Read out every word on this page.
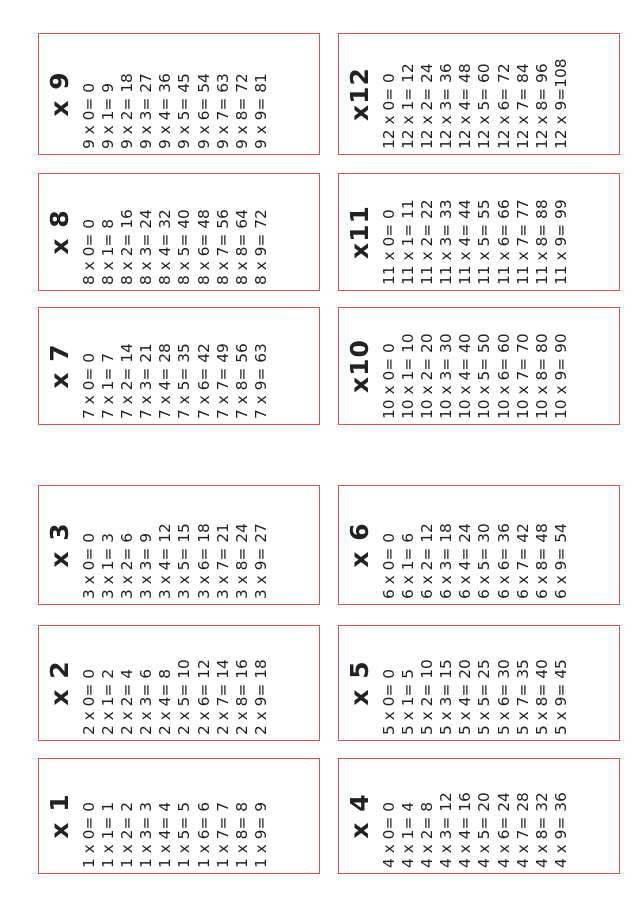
x 1 1 x 0= 0 1 x 1= 1 1 x 2= 2 1 x 3= 3 1 x 4= 4 1 x 5= 5 1 x 6= 6 1 x 7= 7 1 x 8= 8 1 x 9= 9
x 2 2 x 0= 0 2 x 1= 2 2 x 2= 4 2 x 3= 6 2 x 4= 8 2 x 5= 10 2 x 6= 12 2 x 7= 14 2 x 8= 16 2 x 9= 18
x 3 3 x 0= 0 3 x 1= 3 3 x 2= 6 3 x 3= 9 3 x 4= 12 3 x 5= 15 3 x 6= 18 3 x 7= 21 3 x 8= 24 3 x 9= 27
x 4 4 x 0= 0 4 x 1= 4 4 x 2= 8 4 x 3= 12 4 x 4= 16 4 x 5= 20 4 x 6= 24 4 x 7= 28 4 x 8= 32 4 x 9= 36
x 5 5 x 0= 0 5 x 1= 5 5 x 2= 10 5 x 3= 15 5 x 4= 20 5 x 5= 25 5 x 6= 30 5 x 7= 35 5 x 8= 40 5 x 9= 45
x 6 6 x 0= 0 6 x 1= 6 6 x 2= 12 6 x 3= 18 6 x 4= 24 6 x 5= 30 6 x 6= 36 6 x 7= 42 6 x 8= 48 6 x 9= 54
x 7 7 x 0= 0 7 x 1= 7 7 x 2= 14 7 x 3= 21 7 x 4= 28 7 x 5= 35 7 x 6= 42 7 x 7= 49 7 x 8= 56 7 x 9= 63
x 8 8 x 0= 0 8 x 1= 8 8 x 2= 16 8 x 3= 24 8 x 4= 32 8 x 5= 40 8 x 6= 48 8 x 7= 56 8 x 8= 64 8 x 9= 72
x 9 9 x 0= 0 9 x 1= 9 9 x 2= 18 9 x 3= 27 9 x 4= 36 9 x 5= 45 9 x 6= 54 9 x 7= 63 9 x 8= 72 9 x 9= 81
x10 10 x 0= 0 10 x 1= 10 10 x 2= 20 10 x 3= 30 10 x 4= 40 10 x 5= 50 10 x 6= 60 10 x 7= 70 10 x 8= 80 10 x 9= 90
x11 11 x 0= 0 11 x 1= 11 11 x 2= 22 11 x 3= 33 11 x 4= 44 11 x 5= 55 11 x 6= 66 11 x 7= 77 11 x 8= 88 11 x 9= 99
x12 12 x 0= 0 12 x 1= 12 12 x 2= 24 12 x 3= 36 12 x 4= 48 12 x 5= 60 12 x 6= 72 12 x 7= 84 12 x 8= 96 12 x 9=108
